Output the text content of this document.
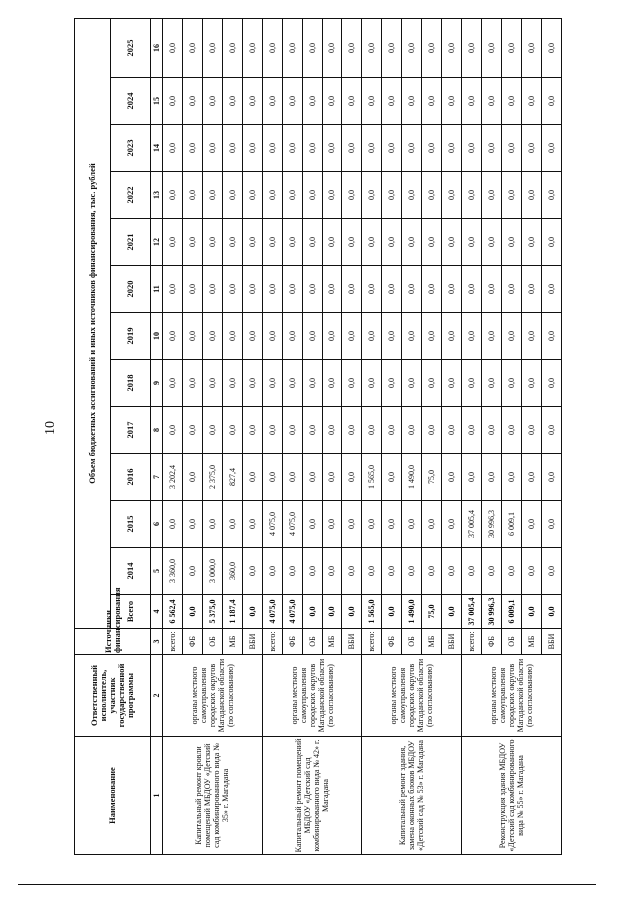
10
Наименование	Ответственный исполнитель, участник государственной программы	Источники финансирования	Объем бюджетных ассигнований и иных источников финансирования, тыс. рублей												
			Всего	2014	2015	2016	2017	2018	2019	2020	2021	2022	2023	2024	2025
1	2	3	4	5	6	7	8	9	10	11	12	13	14	15	16
Капитальный ремонт кровли помещений МБДОУ «Детский сад комбинированного вида № 35» г. Магадана	органы местного самоуправления городских округов Магаданской области (по согласованию)	всего:	6 562,4	3 360,0	0,0	3 202,4	0,0	0,0	0,0	0,0	0,0	0,0	0,0	0,0	0,0
		ФБ	0,0	0,0	0,0	0,0	0,0	0,0	0,0	0,0	0,0	0,0	0,0	0,0	0,0
		ОБ	5 375,0	3 000,0	0,0	2 375,0	0,0	0,0	0,0	0,0	0,0	0,0	0,0	0,0	0,0
		МБ	1 187,4	360,0	0,0	827,4	0,0	0,0	0,0	0,0	0,0	0,0	0,0	0,0	0,0
		ВБИ	0,0	0,0	0,0	0,0	0,0	0,0	0,0	0,0	0,0	0,0	0,0	0,0	0,0
Капитальный ремонт помещений МБДОУ «Детский сад комбинированного вида № 42» г. Магадана	органы местного самоуправления городских округов Магаданской области (по согласованию)	всего:	4 075,0	0,0	4 075,0	0,0	0,0	0,0	0,0	0,0	0,0	0,0	0,0	0,0	0,0
		ФБ	4 075,0	0,0	4 075,0	0,0	0,0	0,0	0,0	0,0	0,0	0,0	0,0	0,0	0,0
		ОБ	0,0	0,0	0,0	0,0	0,0	0,0	0,0	0,0	0,0	0,0	0,0	0,0	0,0
		МБ	0,0	0,0	0,0	0,0	0,0	0,0	0,0	0,0	0,0	0,0	0,0	0,0	0,0
		ВБИ	0,0	0,0	0,0	0,0	0,0	0,0	0,0	0,0	0,0	0,0	0,0	0,0	0,0
Капитальный ремонт здания, замена оконных блоков МБДОУ «Детский сад № 53» г. Магадана	органы местного самоуправления городских округов Магаданской области (по согласованию)	всего:	1 565,0	0,0	0,0	1 565,0	0,0	0,0	0,0	0,0	0,0	0,0	0,0	0,0	0,0
		ФБ	0,0	0,0	0,0	0,0	0,0	0,0	0,0	0,0	0,0	0,0	0,0	0,0	0,0
		ОБ	1 490,0	0,0	0,0	1 490,0	0,0	0,0	0,0	0,0	0,0	0,0	0,0	0,0	0,0
		МБ	75,0	0,0	0,0	75,0	0,0	0,0	0,0	0,0	0,0	0,0	0,0	0,0	0,0
		ВБИ	0,0	0,0	0,0	0,0	0,0	0,0	0,0	0,0	0,0	0,0	0,0	0,0	0,0
Реконструкция здания МБДОУ «Детский сад комбинированного вида № 55» г. Магадана	органы местного самоуправления городских округов Магаданской области (по согласованию)	всего:	37 005,4	0,0	37 005,4	0,0	0,0	0,0	0,0	0,0	0,0	0,0	0,0	0,0	0,0
		ФБ	30 996,3	0,0	30 996,3	0,0	0,0	0,0	0,0	0,0	0,0	0,0	0,0	0,0	0,0
		ОБ	6 009,1	0,0	6 009,1	0,0	0,0	0,0	0,0	0,0	0,0	0,0	0,0	0,0	0,0
		МБ	0,0	0,0	0,0	0,0	0,0	0,0	0,0	0,0	0,0	0,0	0,0	0,0	0,0
		ВБИ	0,0	0,0	0,0	0,0	0,0	0,0	0,0	0,0	0,0	0,0	0,0	0,0	0,0
